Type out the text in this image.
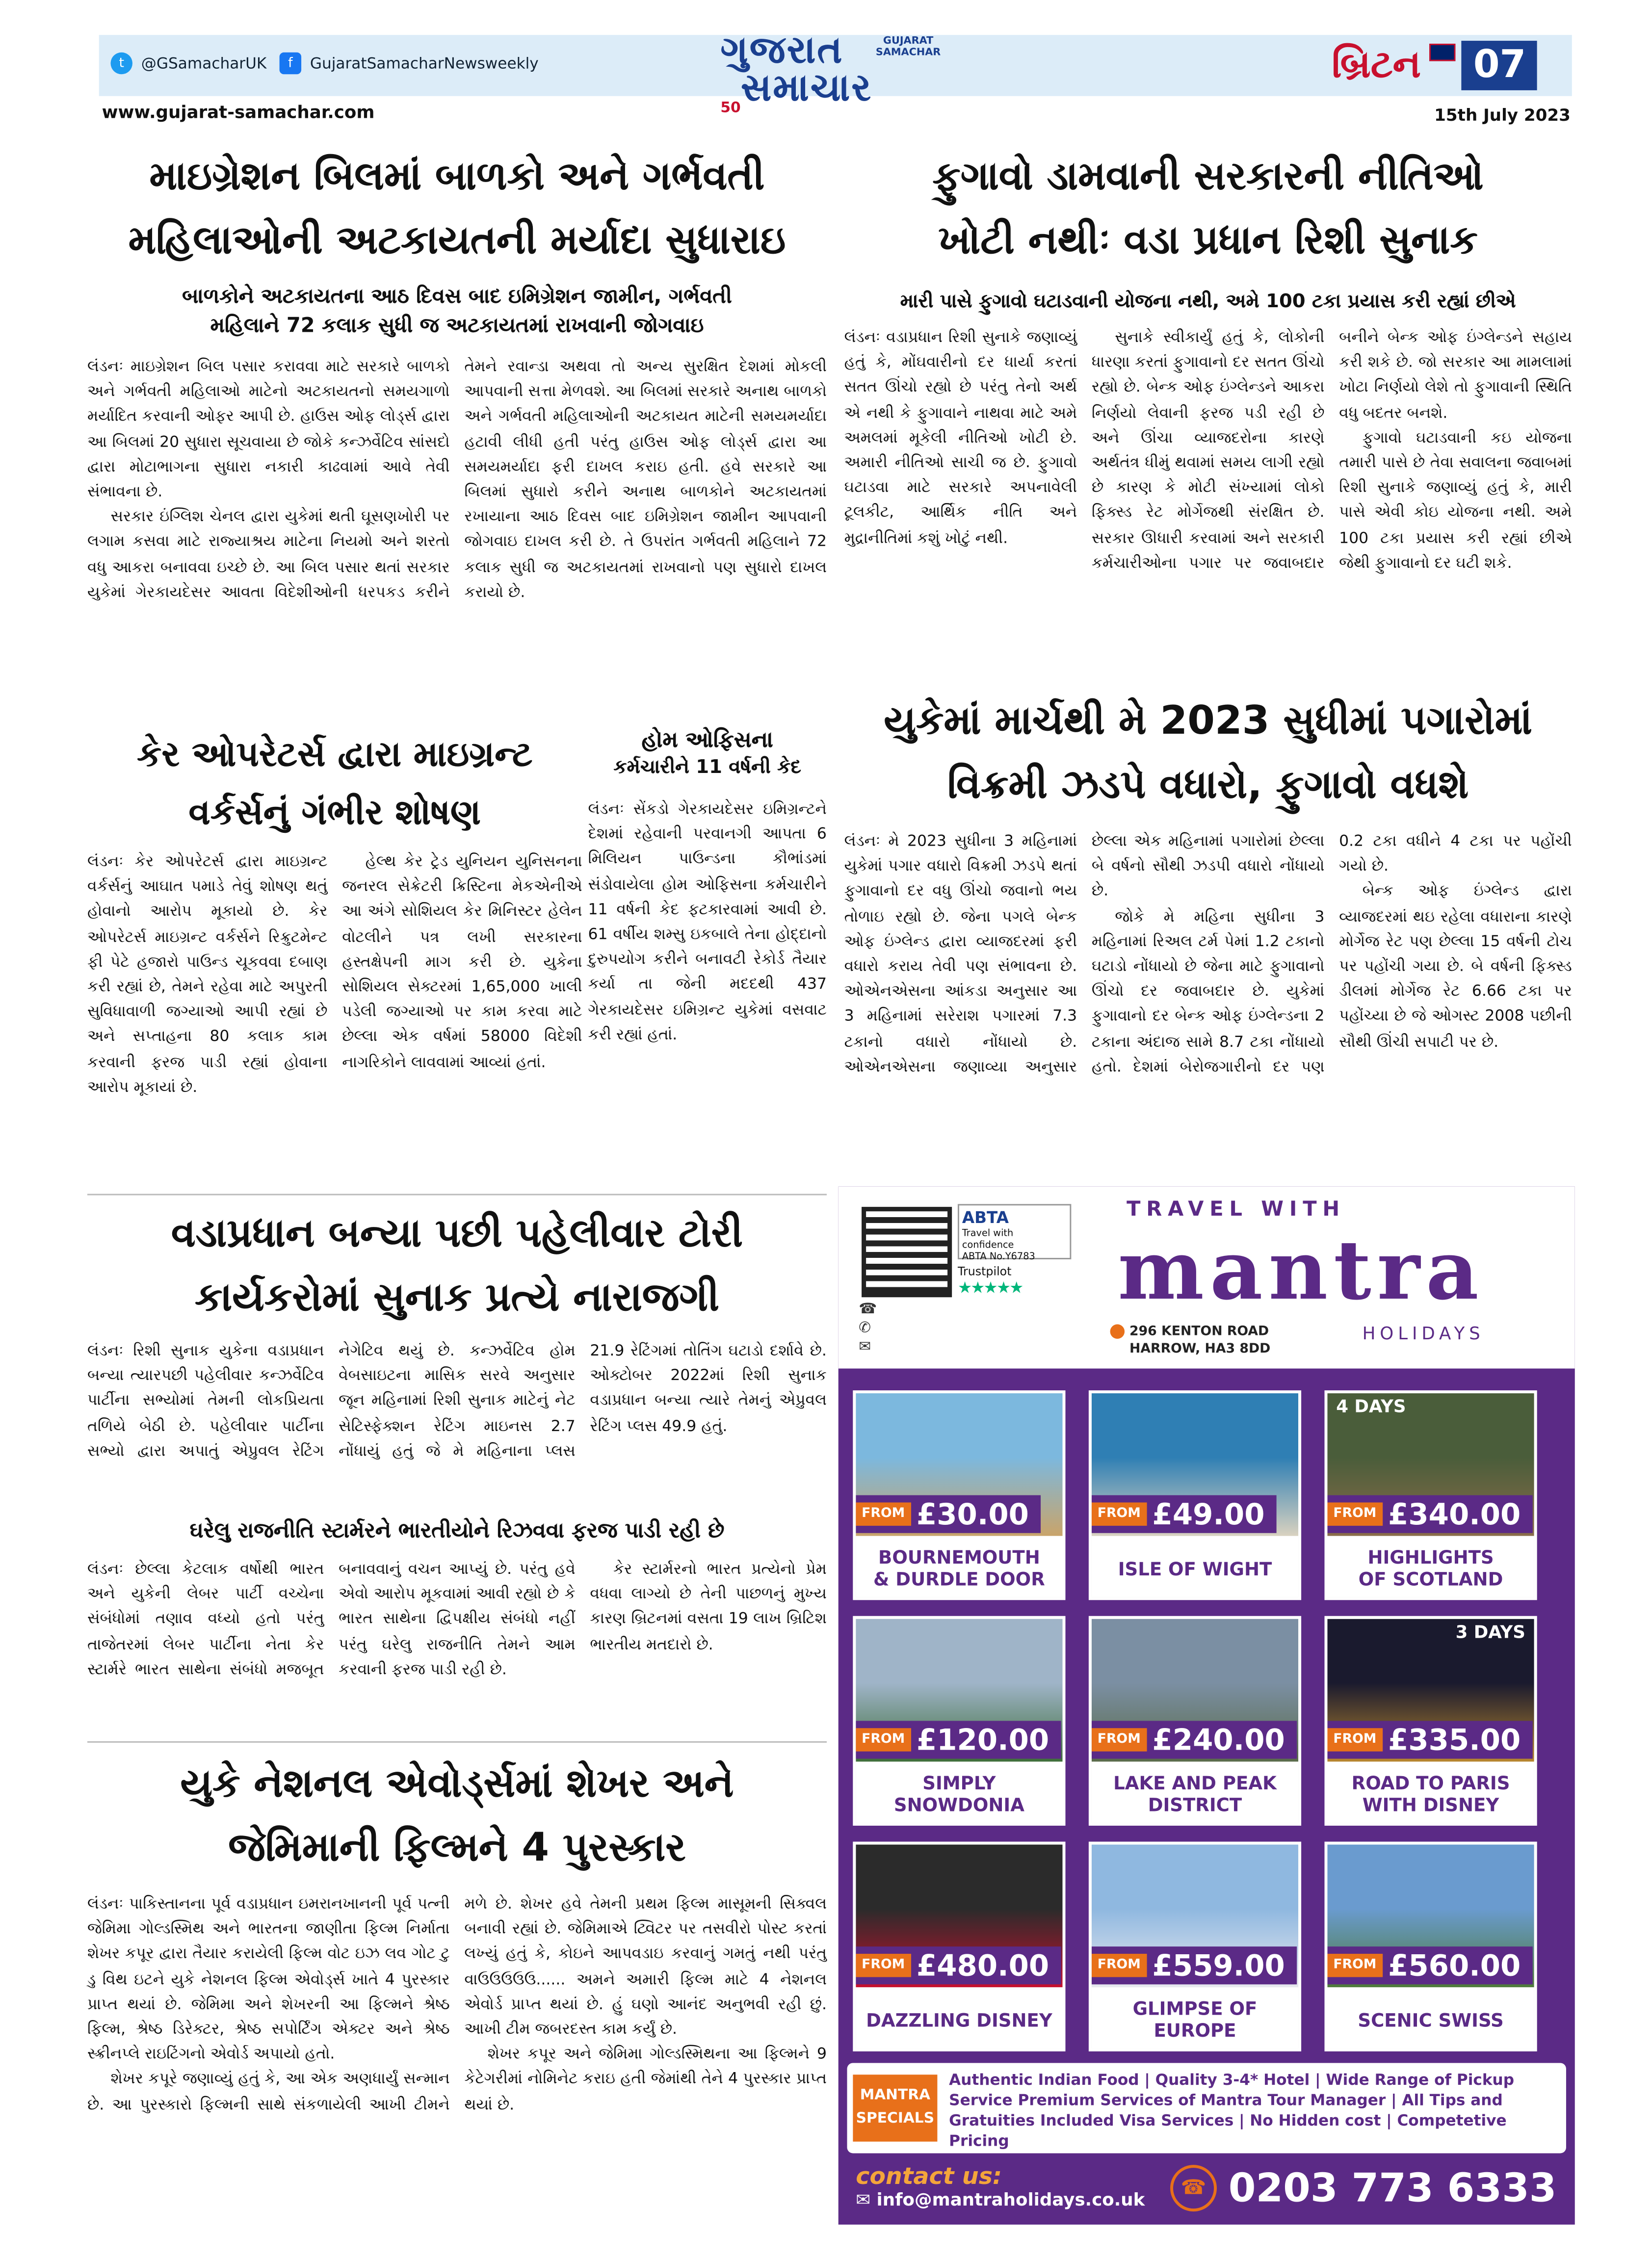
t	@GSamacharUK	f	GujaratSamacharNewsweekly	ગુજરાત
સમાચાર
GUJARAT SAMACHAR
50
બ્રિટન	07
www.gujarat-samachar.com	15th July 2023
માઇગ્રેશન બિલમાં બાળકો અને ગર્ભવતી
મહિલાઓની અટકાયતની મર્યાદા સુધારાઇ
બાળકોને અટકાયતના આઠ દિવસ બાદ ઇમિગ્રેશન જામીન, ગર્ભવતી
મહિલાને 72 કલાક સુધી જ અટકાયતમાં રાખવાની જોગવાઇ

લંડનઃ માઇગ્રેશન બિલ પસાર કરાવવા માટે સરકારે બાળકો અને ગર્ભવતી મહિલાઓ માટેનો અટકાયતનો સમયગાળો મર્યાદિત કરવાની ઓફર આપી છે. હાઉસ ઓફ લોર્ડ્સ દ્વારા આ બિલમાં 20 સુધારા સૂચવાયા છે જોકે કન્ઝર્વેટિવ સાંસદો દ્વારા મોટાભાગના સુધારા નકારી કાઢવામાં આવે તેવી સંભાવના છે.

સરકાર ઇંગ્લિશ ચેનલ દ્વારા યુકેમાં થતી ઘૂસણખોરી પર લગામ કસવા માટે રાજ્યાશ્રય માટેના નિયમો અને શરતો વધુ આકરા બનાવવા ઇચ્છે છે. આ બિલ પસાર થતાં સરકાર યુકેમાં ગેરકાયદેસર આવતા વિદેશીઓની ધરપકડ કરીને તેમને રવાન્ડા અથવા તો અન્ય સુરક્ષિત દેશમાં મોકલી આપવાની સત્તા મેળવશે. આ બિલમાં સરકારે અનાથ બાળકો અને ગર્ભવતી મહિલાઓની અટકાયત માટેની સમયમર્યાદા હટાવી લીધી હતી પરંતુ હાઉસ ઓફ લોર્ડ્સ દ્વારા આ સમયમર્યાદા ફરી દાખલ કરાઇ હતી. હવે સરકારે આ બિલમાં સુધારો કરીને અનાથ બાળકોને અટકાયતમાં રખાયાના આઠ દિવસ બાદ ઇમિગ્રેશન જામીન આપવાની જોગવાઇ દાખલ કરી છે. તે ઉપરાંત ગર્ભવતી મહિલાને 72 કલાક સુધી જ અટકાયતમાં રાખવાનો પણ સુધારો દાખલ કરાયો છે.

ફુગાવો ડામવાની સરકારની નીતિઓ
ખોટી નથીઃ વડા પ્રધાન રિશી સુનાક
મારી પાસે ફુગાવો ઘટાડવાની યોજના નથી, અમે 100 ટકા પ્રયાસ કરી રહ્યાં છીએ

લંડનઃ વડાપ્રધાન રિશી સુનાકે જણાવ્યું હતું કે, મોંઘવારીનો દર ધાર્યા કરતાં સતત ઊંચો રહ્યો છે પરંતુ તેનો અર્થ એ નથી કે ફુગાવાને નાથવા માટે અમે અમલમાં મૂકેલી નીતિઓ ખોટી છે. અમારી નીતિઓ સાચી જ છે. ફુગાવો ઘટાડવા માટે સરકારે અપનાવેલી ટૂલકીટ, આર્થિક નીતિ અને મુદ્રાનીતિમાં કશું ખોટું નથી.

સુનાકે સ્વીકાર્યું હતું કે, લોકોની ધારણા કરતાં ફુગાવાનો દર સતત ઊંચો રહ્યો છે. બેન્ક ઓફ ઇંગ્લેન્ડને આકરા નિર્ણયો લેવાની ફરજ પડી રહી છે અને ઊંચા વ્યાજદરોના કારણે અર્થતંત્ર ધીમું થવામાં સમય લાગી રહ્યો છે કારણ કે મોટી સંખ્યામાં લોકો ફિક્સ્ડ રેટ મોર્ગેજથી સંરક્ષિત છે. સરકાર ઊધારી કરવામાં અને સરકારી કર્મચારીઓના પગાર પર જવાબદાર બનીને બેન્ક ઓફ ઇંગ્લેન્ડને સહાય કરી શકે છે. જો સરકાર આ મામલામાં ખોટા નિર્ણયો લેશે તો ફુગાવાની સ્થિતિ વધુ બદતર બનશે.

ફુગાવો ઘટાડવાની કઇ યોજના તમારી પાસે છે તેવા સવાલના જવાબમાં રિશી સુનાકે જણાવ્યું હતું કે, મારી પાસે એવી કોઇ યોજના નથી. અમે 100 ટકા પ્રયાસ કરી રહ્યાં છીએ જેથી ફુગાવાનો દર ઘટી શકે.

યુકેમાં માર્ચથી મે 2023 સુધીમાં પગારોમાં
વિક્રમી ઝડપે વધારો, ફુગાવો વધશે

લંડનઃ મે 2023 સુધીના 3 મહિનામાં યુકેમાં પગાર વધારો વિક્રમી ઝડપે થતાં ફુગાવાનો દર વધુ ઊંચો જવાનો ભય તોળાઇ રહ્યો છે. જેના પગલે બેન્ક ઓફ ઇંગ્લેન્ડ દ્વારા વ્યાજદરમાં ફરી વધારો કરાય તેવી પણ સંભાવના છે. ઓએનએસના આંકડા અનુસાર આ 3 મહિનામાં સરેરાશ પગારમાં 7.3 ટકાનો વધારો નોંધાયો છે. ઓએનએસના જણાવ્યા અનુસાર છેલ્લા એક મહિનામાં પગારોમાં છેલ્લા બે વર્ષનો સૌથી ઝડપી વધારો નોંધાયો છે.

જોકે મે મહિના સુધીના 3 મહિનામાં રિઅલ ટર્મ પેમાં 1.2 ટકાનો ઘટાડો નોંધાયો છે જેના માટે ફુગાવાનો ઊંચો દર જવાબદાર છે. યુકેમાં ફુગાવાનો દર બેન્ક ઓફ ઇંગ્લેન્ડના 2 ટકાના અંદાજ સામે 8.7 ટકા નોંધાયો હતો. દેશમાં બેરોજગારીનો દર પણ 0.2 ટકા વધીને 4 ટકા પર પહોંચી ગયો છે.

બેન્ક ઓફ ઇંગ્લેન્ડ દ્વારા વ્યાજદરમાં થઇ રહેલા વધારાના કારણે મોર્ગેજ રેટ પણ છેલ્લા 15 વર્ષની ટોચ પર પહોંચી ગયા છે. બે વર્ષની ફિક્સ્ડ ડીલમાં મોર્ગેજ રેટ 6.66 ટકા પર પહોંચ્યા છે જે ઓગસ્ટ 2008 પછીની સૌથી ઊંચી સપાટી પર છે.

કેર ઓપરેટર્સ દ્વારા માઇગ્રન્ટ
વર્કર્સનું ગંભીર શોષણ

લંડનઃ કેર ઓપરેટર્સ દ્વારા માઇગ્રન્ટ વર્કર્સનું આઘાત પમાડે તેવું શોષણ થતું હોવાનો આરોપ મૂકાયો છે. કેર ઓપરેટર્સ માઇગ્રન્ટ વર્કર્સને રિક્રુટમેન્ટ ફી પેટે હજારો પાઉન્ડ ચૂકવવા દબાણ કરી રહ્યાં છે, તેમને રહેવા માટે અપુરતી સુવિધાવાળી જગ્યાઓ આપી રહ્યાં છે અને સપ્તાહના 80 કલાક કામ કરવાની ફરજ પાડી રહ્યાં હોવાના આરોપ મૂકાયાં છે.

હેલ્થ કેર ટ્રેડ યુનિયન યુનિસનના જનરલ સેક્રેટરી ક્રિસ્ટિના મેકએનીએ આ અંગે સોશિયલ કેર મિનિસ્ટર હેલેન વોટલીને પત્ર લખી સરકારના હસ્તક્ષેપની માગ કરી છે. યુકેના સોશિયલ સેક્ટરમાં 1,65,000 ખાલી પડેલી જગ્યાઓ પર કામ કરવા માટે છેલ્લા એક વર્ષમાં 58000 વિદેશી નાગરિકોને લાવવામાં આવ્યાં હતાં.

હોમ ઓફિસના
કર્મચારીને 11 વર્ષની કેદ

લંડનઃ સેંકડો ગેરકાયદેસર ઇમિગ્રન્ટને દેશમાં રહેવાની પરવાનગી આપતા 6 મિલિયન પાઉન્ડના કૌભાંડમાં સંડોવાયેલા હોમ ઓફિસના કર્મચારીને 11 વર્ષની કેદ ફટકારવામાં આવી છે. 61 વર્ષીય શમ્સુ ઇકબાલે તેના હોદ્દાનો દુરુપયોગ કરીને બનાવટી રેકોર્ડ તૈયાર કર્યા તા જેની મદદથી 437 ગેરકાયદેસર ઇમિગ્રન્ટ યુકેમાં વસવાટ કરી રહ્યાં હતાં.

વડાપ્રધાન બન્યા પછી પહેલીવાર ટોરી
કાર્યકરોમાં સુનાક પ્રત્યે નારાજગી

લંડનઃ રિશી સુનાક યુકેના વડાપ્રધાન બન્યા ત્યારપછી પહેલીવાર કન્ઝર્વેટિવ પાર્ટીના સભ્યોમાં તેમની લોકપ્રિયતા તળિયે બેઠી છે. પહેલીવાર પાર્ટીના સભ્યો દ્વારા અપાતું એપ્રુવલ રેટિંગ નેગેટિવ થયું છે. કન્ઝર્વેટિવ હોમ વેબસાઇટના માસિક સરવે અનુસાર જૂન મહિનામાં રિશી સુનાક માટેનું નેટ સેટિસ્ફેક્શન રેટિંગ માઇનસ 2.7 નોંધાયું હતું જે મે મહિનાના પ્લસ 21.9 રેટિંગમાં તોતિંગ ઘટાડો દર્શાવે છે. ઓક્ટોબર 2022માં રિશી સુનાક વડાપ્રધાન બન્યા ત્યારે તેમનું એપ્રુવલ રેટિંગ પ્લસ 49.9 હતું.

ઘરેલુ રાજનીતિ સ્ટાર્મરને ભારતીયોને રિઝવવા ફરજ પાડી રહી છે

લંડનઃ છેલ્લા કેટલાક વર્ષોથી ભારત અને યુકેની લેબર પાર્ટી વચ્ચેના સંબંધોમાં તણાવ વધ્યો હતો પરંતુ તાજેતરમાં લેબર પાર્ટીના નેતા કેર સ્ટાર્મરે ભારત સાથેના સંબંધો મજબૂત બનાવવાનું વચન આપ્યું છે. પરંતુ હવે એવો આરોપ મૂકવામાં આવી રહ્યો છે કે ભારત સાથેના દ્વિપક્ષીય સંબંધો નહીં પરંતુ ઘરેલુ રાજનીતિ તેમને આમ કરવાની ફરજ પાડી રહી છે.

કેર સ્ટાર્મરનો ભારત પ્રત્યેનો પ્રેમ વધવા લાગ્યો છે તેની પાછળનું મુખ્ય કારણ બ્રિટનમાં વસતા 19 લાખ બ્રિટિશ ભારતીય મતદારો છે.

યુકે નેશનલ એવોર્ડ્સમાં શેખર અને
જેમિમાની ફિલ્મને 4 પુરસ્કાર

લંડનઃ પાકિસ્તાનના પૂર્વ વડાપ્રધાન ઇમરાનખાનની પૂર્વ પત્ની જેમિમા ગોલ્ડસ્મિથ અને ભારતના જાણીતા ફિલ્મ નિર્માતા શેખર કપૂર દ્વારા તૈયાર કરાયેલી ફિલ્મ વોટ ઇઝ લવ ગોટ ટુ ડુ વિથ ઇટને યુકે નેશનલ ફિલ્મ એવોર્ડ્સ ખાતે 4 પુરસ્કાર પ્રાપ્ત થયાં છે. જેમિમા અને શેખરની આ ફિલ્મને શ્રેષ્ઠ ફિલ્મ, શ્રેષ્ઠ ડિરેક્ટર, શ્રેષ્ઠ સપોર્ટિંગ એક્ટર અને શ્રેષ્ઠ સ્ક્રીનપ્લે રાઇટિંગનો એવોર્ડ અપાયો હતો.

શેખર કપૂરે જણાવ્યું હતું કે, આ એક અણધાર્યું સન્માન છે. આ પુરસ્કારો ફિલ્મની સાથે સંકળાયેલી આખી ટીમને મળે છે. શેખર હવે તેમની પ્રથમ ફિલ્મ માસૂમની સિક્વલ બનાવી રહ્યાં છે. જેમિમાએ ટ્વિટર પર તસવીરો પોસ્ટ કરતાં લખ્યું હતું કે, કોઇને આપવડાઇ કરવાનું ગમતું નથી પરંતુ વાઉઉઉઉઉ...... અમને અમારી ફિલ્મ માટે 4 નેશનલ એવોર્ડ પ્રાપ્ત થયાં છે. હું ઘણો આનંદ અનુભવી રહી છું. આખી ટીમ જબરદસ્ત કામ કર્યું છે.

શેખર કપૂર અને જેમિમા ગોલ્ડસ્મિથના આ ફિલ્મને 9 કેટેગરીમાં નોમિનેટ કરાઇ હતી જેમાંથી તેને 4 પુરસ્કાર પ્રાપ્ત થયાં છે.

☎
✆
✉
ABTA
Travel with confidence
ABTA No.Y6783
Trustpilot
★★★★★
TRAVEL WITH
mantra
● 296 KENTON ROAD
HARROW, HA3 8DD
HOLIDAYS
FROM	£30.00
BOURNEMOUTH
& DURDLE DOOR
FROM	£49.00
ISLE OF WIGHT
4 DAYS
FROM	£340.00
HIGHLIGHTS
OF SCOTLAND
FROM	£120.00
SIMPLY
SNOWDONIA
FROM	£240.00
LAKE AND PEAK
DISTRICT
3 DAYS
FROM	£335.00
ROAD TO PARIS
WITH DISNEY
FROM	£480.00
DAZZLING DISNEY
FROM	£559.00
GLIMPSE OF
EUROPE
FROM	£560.00
SCENIC SWISS
MANTRA SPECIALS
Authentic Indian Food | Quality 3-4* Hotel | Wide Range of Pickup Service Premium Services of Mantra Tour Manager | All Tips and Gratuities Included Visa Services | No Hidden cost | Competetive Pricing
contact us:
✉ info@mantraholidays.co.uk
☎	0203 773 6333
